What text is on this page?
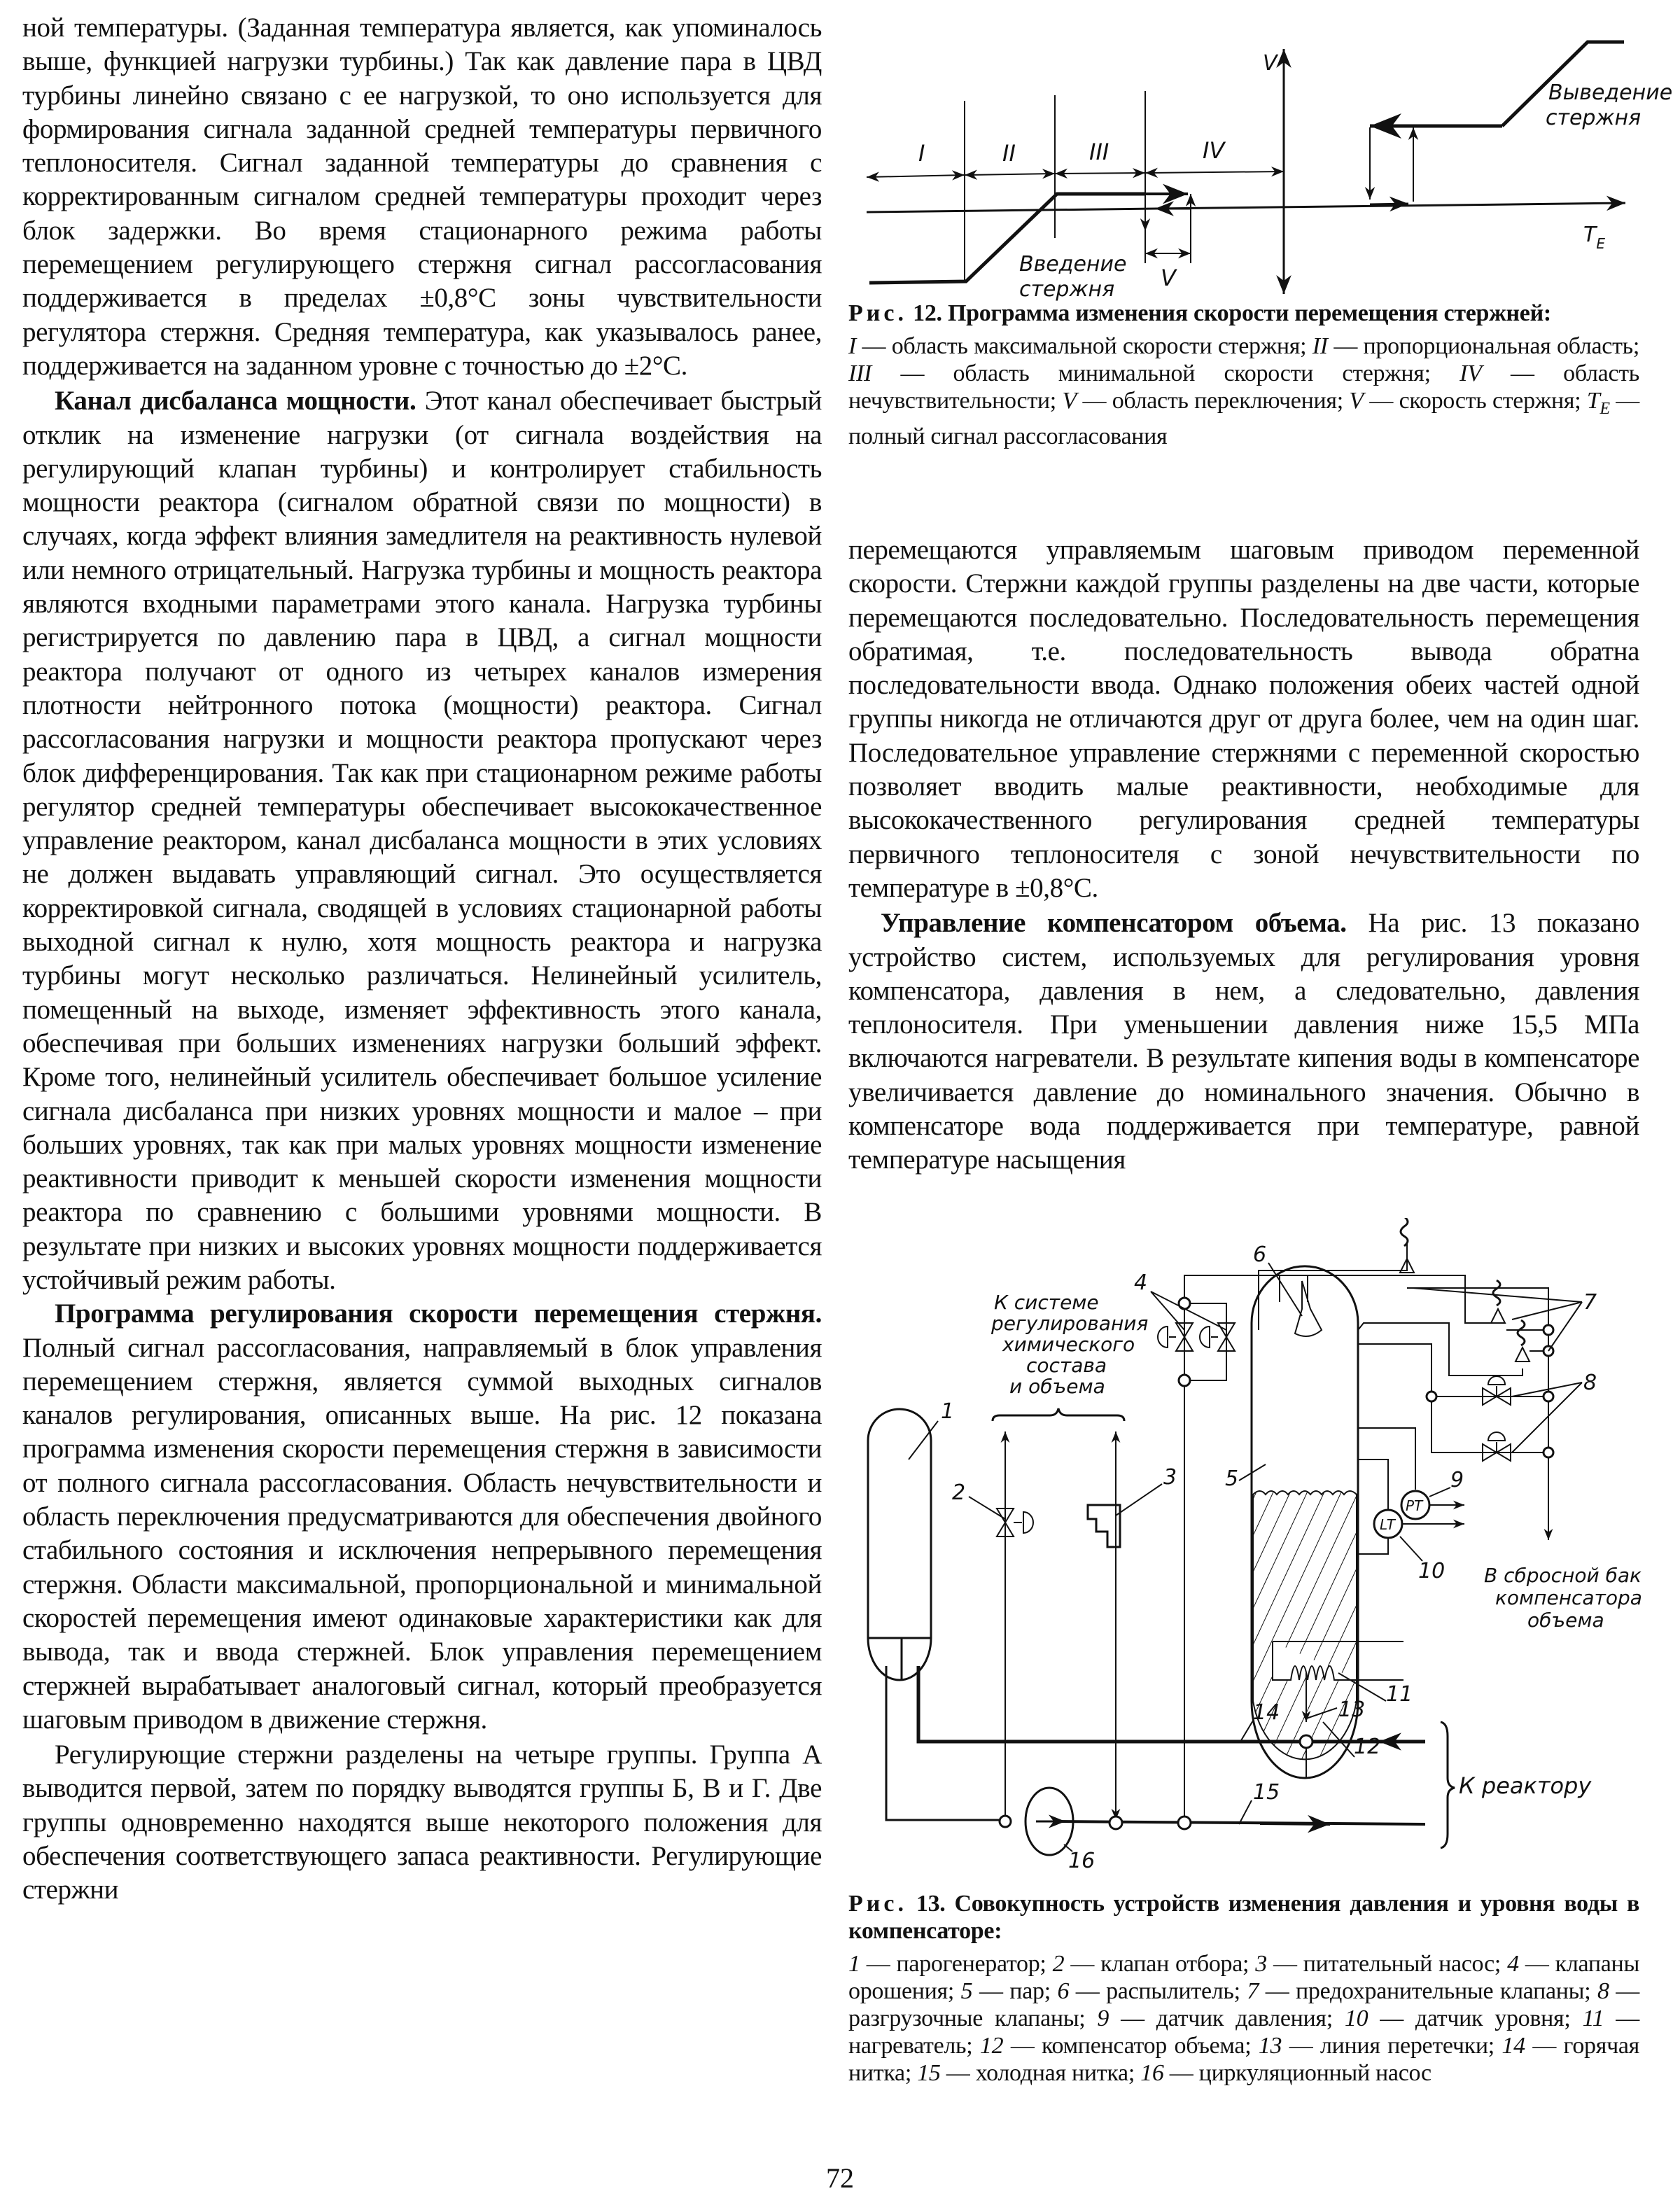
ной температуры. (Заданная температура является, как упоминалось выше, функцией нагрузки турбины.) Так как давление пара в ЦВД турбины линейно связано с ее нагрузкой, то оно используется для формирования сигнала заданной средней температуры первичного теплоносителя. Сигнал заданной температуры до сравнения с корректированным сигналом средней температуры проходит через блок задержки. Во время стационарного режима работы перемещением регулирующего стержня сигнал рассогласования поддерживается в пределах ±0,8°С зоны чувствительности регулятора стержня. Средняя температура, как указывалось ранее, поддерживается на заданном уровне с точностью до ±2°С.

Канал дисбаланса мощности. Этот канал обеспечивает быстрый отклик на изменение нагрузки (от сигнала воздействия на регулирующий клапан турбины) и контролирует стабильность мощности реактора (сигналом обратной связи по мощности) в случаях, когда эффект влияния замедлителя на реактивность нулевой или немного отрицательный. Нагрузка турбины и мощность реактора являются входными параметрами этого канала. Нагрузка турбины регистрируется по давлению пара в ЦВД, а сигнал мощности реактора получают от одного из четырех каналов измерения плотности нейтронного потока (мощности) реактора. Сигнал рассогласования нагрузки и мощности реактора пропускают через блок дифференцирования. Так как при стационарном режиме работы регулятор средней температуры обеспечивает высококачественное управление реактором, канал дисбаланса мощности в этих условиях не должен выдавать управляющий сигнал. Это осуществляется корректировкой сигнала, сводящей в условиях стационарной работы выходной сигнал к нулю, хотя мощность реактора и нагрузка турбины могут несколько различаться. Нелинейный усилитель, помещенный на выходе, изменяет эффективность этого канала, обеспечивая при больших изменениях нагрузки больший эффект. Кроме того, нелинейный усилитель обеспечивает большое усиление сигнала дисбаланса при низких уровнях мощности и малое – при больших уровнях, так как при малых уровнях мощности изменение реактивности приводит к меньшей скорости изменения мощности реактора по сравнению с большими уровнями мощности. В результате при низких и высоких уровнях мощности поддерживается устойчивый режим работы.

Программа регулирования скорости перемещения стержня. Полный сигнал рассогласования, направляемый в блок управления перемещением стержня, является суммой выходных сигналов каналов регулирования, описанных выше. На рис. 12 показана программа изменения скорости перемещения стержня в зависимости от полного сигнала рассогласования. Область нечувствительности и область переключения предусматриваются для обеспечения двойного стабильного состояния и исключения непрерывного перемещения стержня. Области максимальной, пропорциональной и минимальной скоростей перемещения имеют одинаковые характеристики как для вывода, так и ввода стержней. Блок управления перемещением стержней вырабатывает аналоговый сигнал, который преобразуется шаговым приводом в движение стержня.

Регулирующие стержни разделены на четыре группы. Группа А выводится первой, затем по порядку выводятся группы Б, В и Г. Две группы одновременно находятся выше некоторого положения для обеспечения соответствующего запаса реактивности. Регулирующие стержни

I	II	III	IV
V
V
$T_E$
Введение
стержня
Выведение
стержня

Рис. 12. Программа изменения скорости перемещения стержней:

I — область максимальной скорости стержня; II — пропорциональная область; III — область минимальной скорости стержня; IV — область нечувствительности; V — область переключения; V — скорость стержня; $T_E$ — полный сигнал рассогласования

перемещаются управляемым шаговым приводом переменной скорости. Стержни каждой группы разделены на две части, которые перемещаются последовательно. Последовательность перемещения обратимая, т.е. последовательность вывода обратна последовательности ввода. Однако положения обеих частей одной группы никогда не отличаются друг от друга более, чем на один шаг. Последовательное управление стержнями с переменной скоростью позволяет вводить малые реактивности, необходимые для высококачественного регулирования средней температуры первичного теплоносителя с зоной нечувствительности по температуре в ±0,8°С.

Управление компенсатором объема. На рис. 13 показано устройство систем, используемых для регулирования уровня компенсатора, давления в нем, а следовательно, давления теплоносителя. При уменьшении давления ниже 15,5 МПа включаются нагреватели. В результате кипения воды в компенсаторе увеличивается давление до номинального значения. Обычно в компенсаторе вода поддерживается при температуре, равной температуре насыщения

1
2
3
4
5
6
7
8
9
10
11
12
13
14
15
16
К системе
регулирования
химического
состава
и объема
В сбросной бак
компенсатора
объема
К реактору
PT
LT

Рис. 13. Совокупность устройств изменения давления и уровня воды в компенсаторе:

1 — парогенератор; 2 — клапан отбора; 3 — питательный насос; 4 — клапаны орошения; 5 — пар; 6 — распылитель; 7 — предохранительные клапаны; 8 — разгрузочные клапаны; 9 — датчик давления; 10 — датчик уровня; 11 — нагреватель; 12 — компенсатор объема; 13 — линия перетечки; 14 — горячая нитка; 15 — холодная нитка; 16 — циркуляционный насос

72
